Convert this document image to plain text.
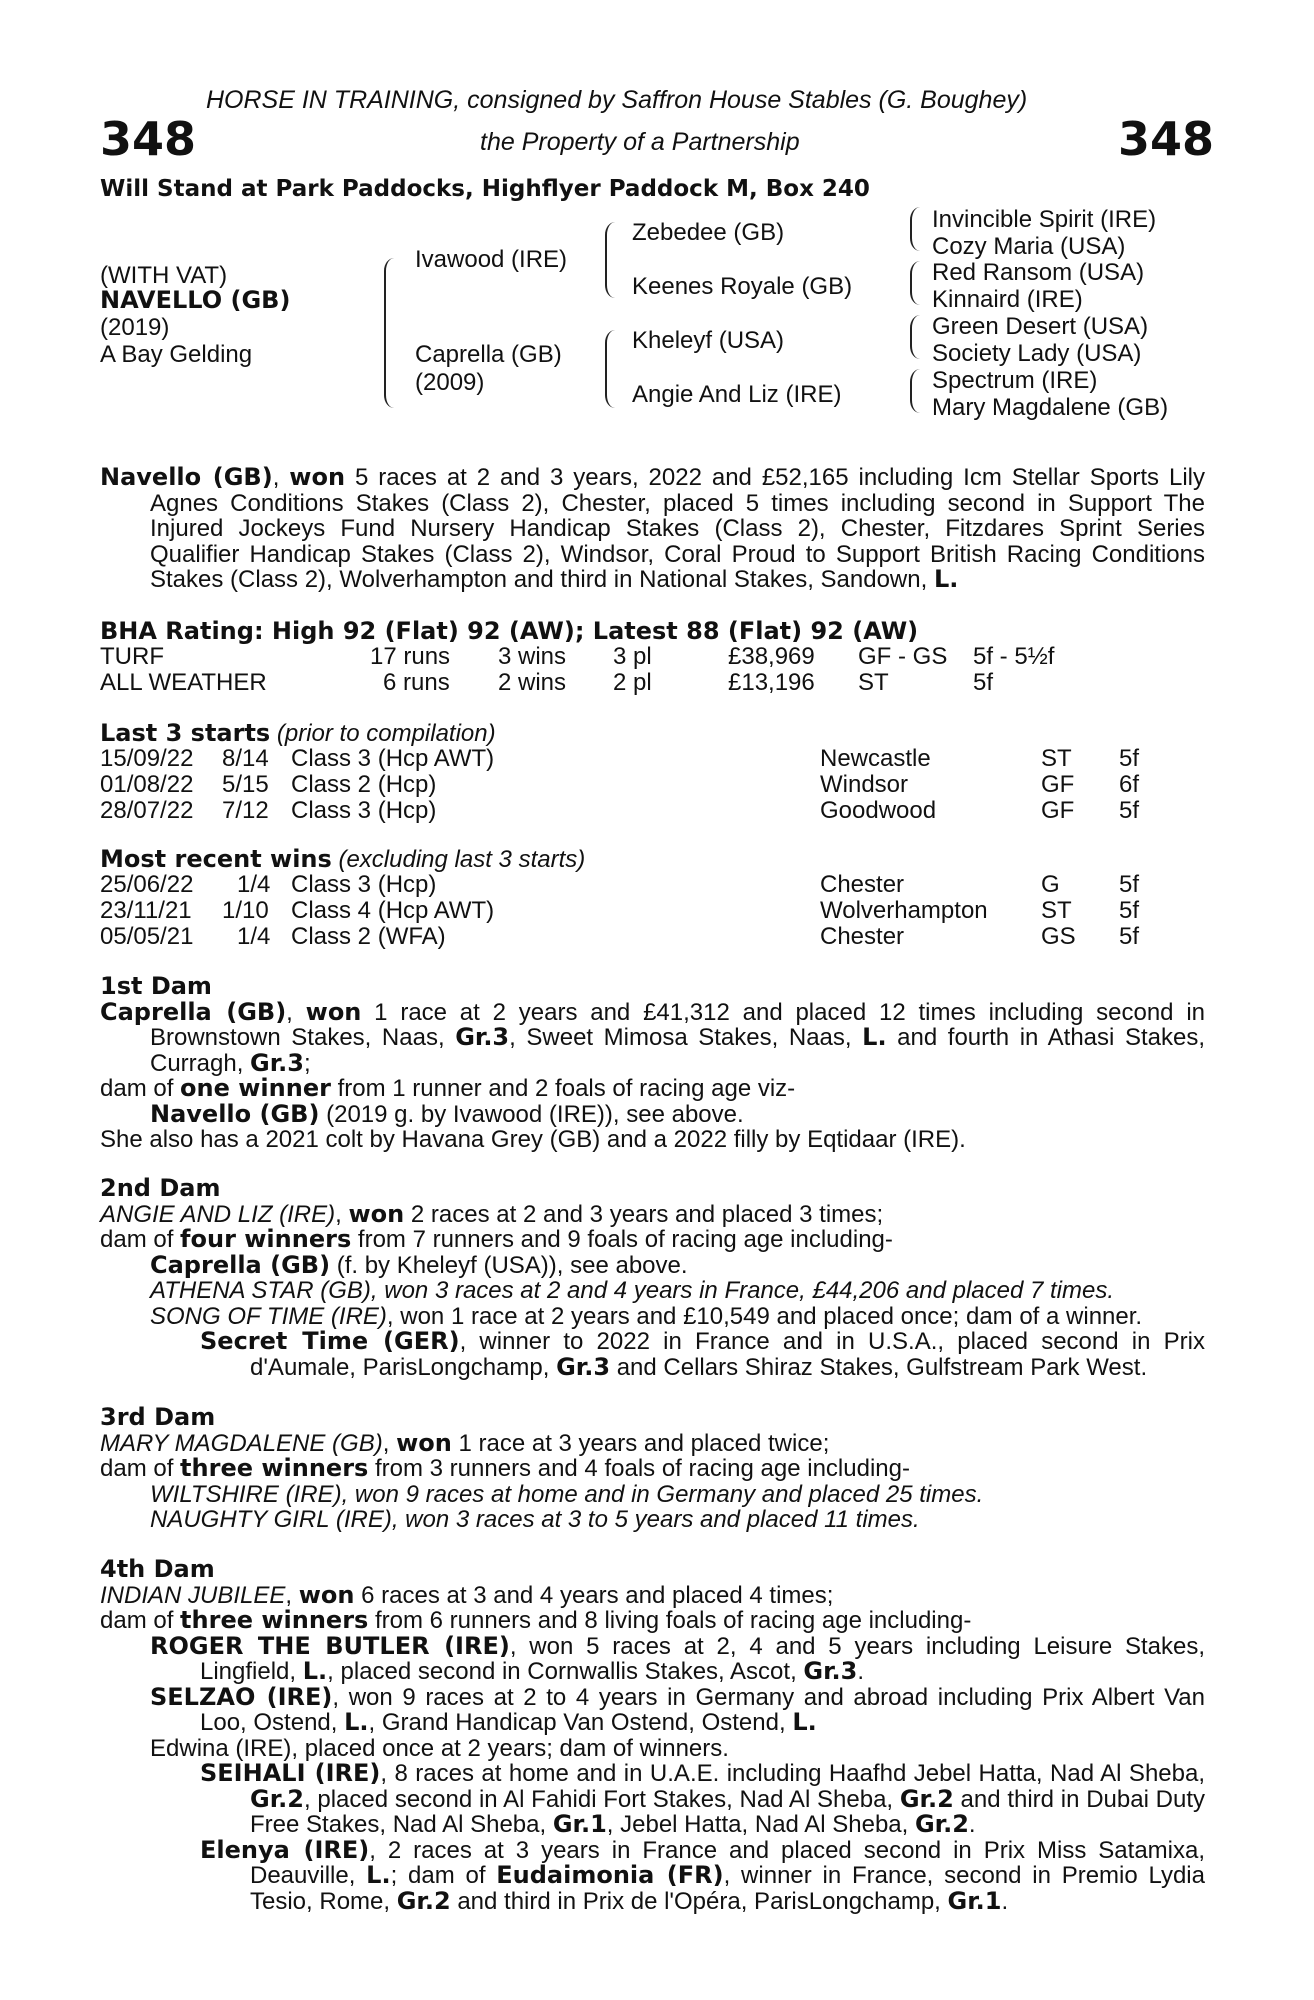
HORSE IN TRAINING, consigned by Saffron House Stables (G. Boughey)
348	the Property of a Partnership	348
Will Stand at Park Paddocks, Highflyer Paddock M, Box 240
(WITH VAT)
NAVELLO (GB)
(2019)
A Bay Gelding
Ivawood (IRE)
Caprella (GB)
(2009)
Zebedee (GB)
Keenes Royale (GB)
Kheleyf (USA)
Angie And Liz (IRE)
Invincible Spirit (IRE)
Cozy Maria (USA)
Red Ransom (USA)
Kinnaird (IRE)
Green Desert (USA)
Society Lady (USA)
Spectrum (IRE)
Mary Magdalene (GB)

Navello (GB), won 5 races at 2 and 3 years, 2022 and £52,165 including Icm Stellar Sports Lily Agnes Conditions Stakes (Class 2), Chester, placed 5 times including second in Support The Injured Jockeys Fund Nursery Handicap Stakes (Class 2), Chester, Fitzdares Sprint Series Qualifier Handicap Stakes (Class 2), Windsor, Coral Proud to Support British Racing Conditions Stakes (Class 2), Wolverhampton and third in National Stakes, Sandown, L.

BHA Rating: High 92 (Flat) 92 (AW); Latest 88 (Flat) 92 (AW)
TURF	17 runs 3 wins 3 pl	£38,969 GF - GS 5f - 5½f
ALL WEATHER	6 runs 2 wins 2 pl	£13,196 ST	5f
Last 3 starts (prior to compilation)
15/09/22 8/14 Class 3 (Hcp AWT)	Newcastle	ST 5f
01/08/22 5/15 Class 2 (Hcp)	Windsor	GF 6f
28/07/22 7/12 Class 3 (Hcp)	Goodwood	GF 5f
Most recent wins (excluding last 3 starts)
25/06/22 1/4 Class 3 (Hcp)	Chester	G 5f
23/11/21 1/10 Class 4 (Hcp AWT)	Wolverhampton ST 5f
05/05/21 1/4 Class 2 (WFA)	Chester	GS 5f

1st Dam

Caprella (GB), won 1 race at 2 years and £41,312 and placed 12 times including second in Brownstown Stakes, Naas, Gr.3, Sweet Mimosa Stakes, Naas, L. and fourth in Athasi Stakes, Curragh, Gr.3;

dam of one winner from 1 runner and 2 foals of racing age viz-

Navello (GB) (2019 g. by Ivawood (IRE)), see above.

She also has a 2021 colt by Havana Grey (GB) and a 2022 filly by Eqtidaar (IRE).

2nd Dam

ANGIE AND LIZ (IRE), won 2 races at 2 and 3 years and placed 3 times;

dam of four winners from 7 runners and 9 foals of racing age including-

Caprella (GB) (f. by Kheleyf (USA)), see above.

ATHENA STAR (GB), won 3 races at 2 and 4 years in France, £44,206 and placed 7 times.

SONG OF TIME (IRE), won 1 race at 2 years and £10,549 and placed once; dam of a winner.

Secret Time (GER), winner to 2022 in France and in U.S.A., placed second in Prix d'Aumale, ParisLongchamp, Gr.3 and Cellars Shiraz Stakes, Gulfstream Park West.

3rd Dam

MARY MAGDALENE (GB), won 1 race at 3 years and placed twice;

dam of three winners from 3 runners and 4 foals of racing age including-

WILTSHIRE (IRE), won 9 races at home and in Germany and placed 25 times.

NAUGHTY GIRL (IRE), won 3 races at 3 to 5 years and placed 11 times.

4th Dam

INDIAN JUBILEE, won 6 races at 3 and 4 years and placed 4 times;

dam of three winners from 6 runners and 8 living foals of racing age including-

ROGER THE BUTLER (IRE), won 5 races at 2, 4 and 5 years including Leisure Stakes, Lingfield, L., placed second in Cornwallis Stakes, Ascot, Gr.3.

SELZAO (IRE), won 9 races at 2 to 4 years in Germany and abroad including Prix Albert Van Loo, Ostend, L., Grand Handicap Van Ostend, Ostend, L.

Edwina (IRE), placed once at 2 years; dam of winners.

SEIHALI (IRE), 8 races at home and in U.A.E. including Haafhd Jebel Hatta, Nad Al Sheba, Gr.2, placed second in Al Fahidi Fort Stakes, Nad Al Sheba, Gr.2 and third in Dubai Duty Free Stakes, Nad Al Sheba, Gr.1, Jebel Hatta, Nad Al Sheba, Gr.2.

Elenya (IRE), 2 races at 3 years in France and placed second in Prix Miss Satamixa, Deauville, L.; dam of Eudaimonia (FR), winner in France, second in Premio Lydia Tesio, Rome, Gr.2 and third in Prix de l'Opéra, ParisLongchamp, Gr.1.
